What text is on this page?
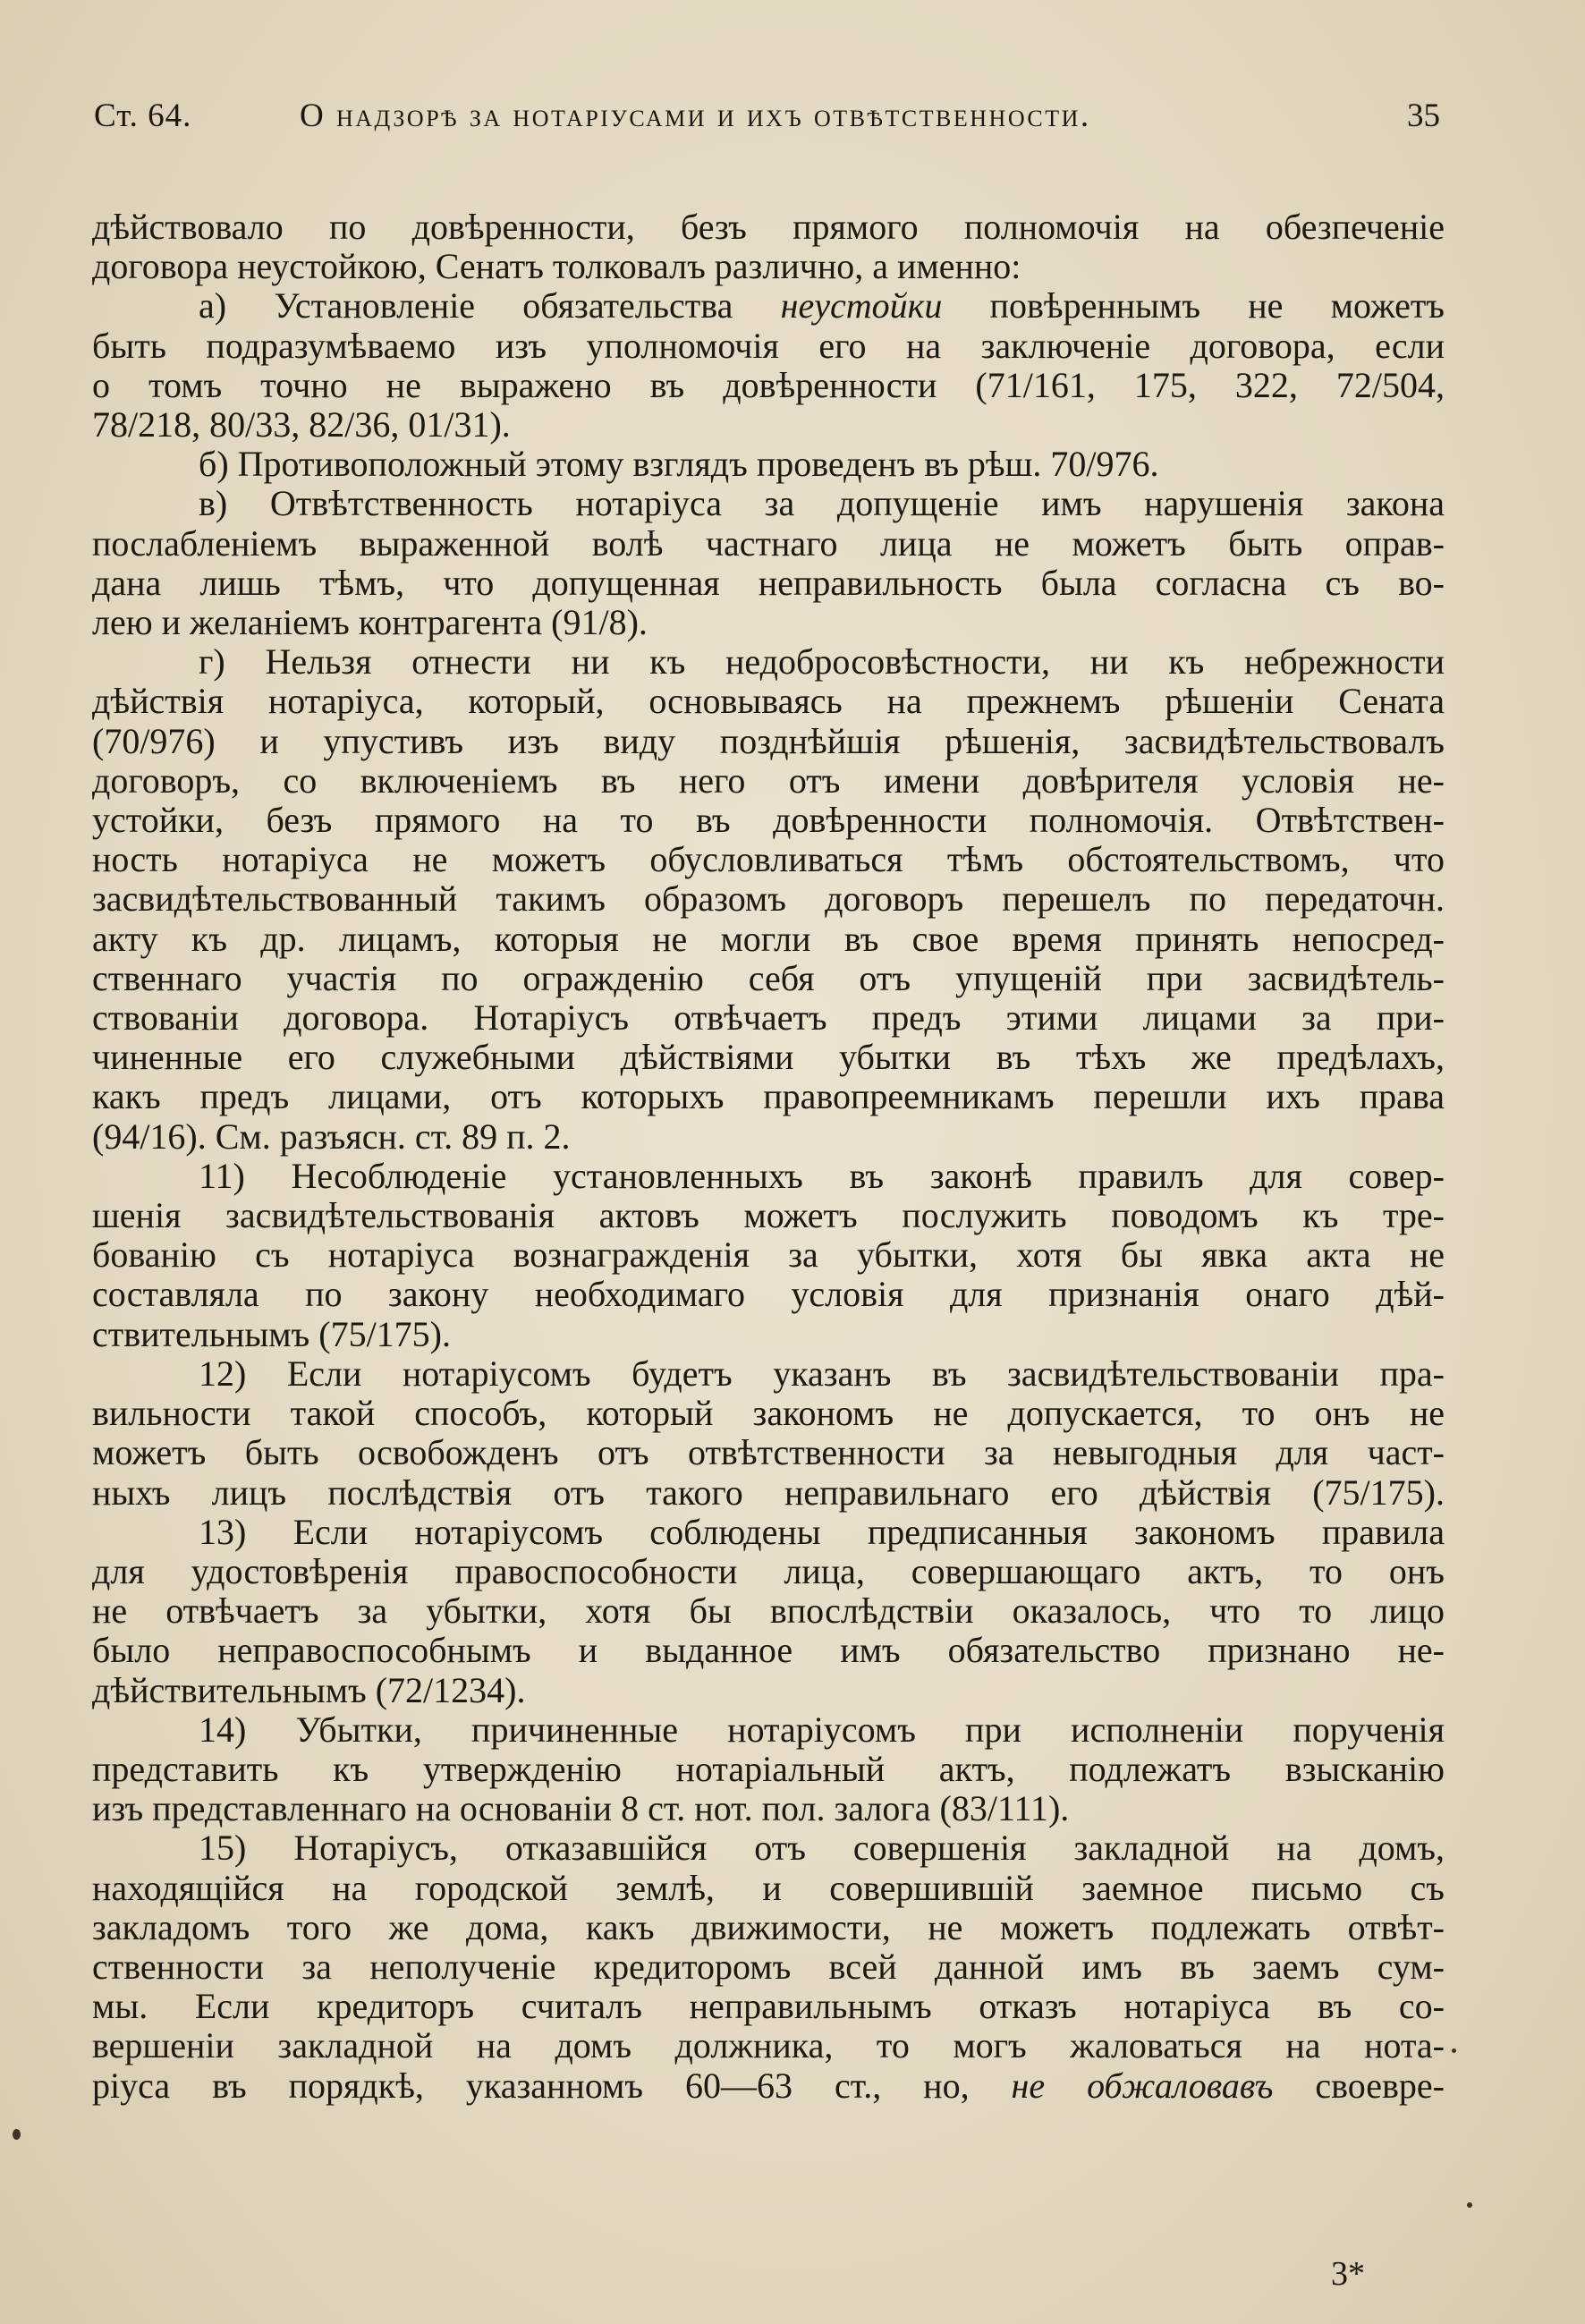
Ст. 64.	О надзорѣ за нотаріусами и ихъ отвѣтственности.	35

дѣйствовало по довѣренности, безъ прямого полномочія на обезпеченіе

договора неустойкою, Сенатъ толковалъ различно, а именно:

а) Установленіе обязательства неустойки повѣреннымъ не можетъ

быть подразумѣваемо изъ уполномочія его на заключеніе договора, если

о томъ точно не выражено въ довѣренности (71/161, 175, 322, 72/504,

78/218, 80/33, 82/36, 01/31).

б) Противоположный этому взглядъ проведенъ въ рѣш. 70/976.

в) Отвѣтственность нотаріуса за допущеніе имъ нарушенія закона

послабленіемъ выраженной волѣ частнаго лица не можетъ быть оправ-

дана лишь тѣмъ, что допущенная неправильность была согласна съ во-

лею и желаніемъ контрагента (91/8).

г) Нельзя отнести ни къ недобросовѣстности, ни къ небрежности

дѣйствія нотаріуса, который, основываясь на прежнемъ рѣшеніи Сената

(70/976) и упустивъ изъ виду позднѣйшія рѣшенія, засвидѣтельствовалъ

договоръ, со включеніемъ въ него отъ имени довѣрителя условія не-

устойки, безъ прямого на то въ довѣренности полномочія. Отвѣтствен-

ность нотаріуса не можетъ обусловливаться тѣмъ обстоятельствомъ, что

засвидѣтельствованный такимъ образомъ договоръ перешелъ по передаточн.

акту къ др. лицамъ, которыя не могли въ свое время принять непосред-

ственнаго участія по огражденію себя отъ упущеній при засвидѣтель-

ствованіи договора. Нотаріусъ отвѣчаетъ предъ этими лицами за при-

чиненные его служебными дѣйствіями убытки въ тѣхъ же предѣлахъ,

какъ предъ лицами, отъ которыхъ правопреемникамъ перешли ихъ права

(94/16). См. разъясн. ст. 89 п. 2.

11) Несоблюденіе установленныхъ въ законѣ правилъ для совер-

шенія засвидѣтельствованія актовъ можетъ послужить поводомъ къ тре-

бованію съ нотаріуса вознагражденія за убытки, хотя бы явка акта не

составляла по закону необходимаго условія для признанія онаго дѣй-

ствительнымъ (75/175).

12) Если нотаріусомъ будетъ указанъ въ засвидѣтельствованіи пра-

вильности такой способъ, который закономъ не допускается, то онъ не

можетъ быть освобожденъ отъ отвѣтственности за невыгодныя для част-

ныхъ лицъ послѣдствія отъ такого неправильнаго его дѣйствія (75/175).

13) Если нотаріусомъ соблюдены предписанныя закономъ правила

для удостовѣренія правоспособности лица, совершающаго актъ, то онъ

не отвѣчаетъ за убытки, хотя бы впослѣдствіи оказалось, что то лицо

было неправоспособнымъ и выданное имъ обязательство признано не-

дѣйствительнымъ (72/1234).

14) Убытки, причиненные нотаріусомъ при исполненіи порученія

представить къ утвержденію нотаріальный актъ, подлежатъ взысканію

изъ представленнаго на основаніи 8 ст. нот. пол. залога (83/111).

15) Нотаріусъ, отказавшійся отъ совершенія закладной на домъ,

находящійся на городской землѣ, и совершившій заемное письмо съ

закладомъ того же дома, какъ движимости, не можетъ подлежать отвѣт-

ственности за неполученіе кредиторомъ всей данной имъ въ заемъ сум-

мы. Если кредиторъ считалъ неправильнымъ отказъ нотаріуса въ со-

вершеніи закладной на домъ должника, то могъ жаловаться на нота-

ріуса въ порядкѣ, указанномъ 60—63 ст., но, не обжаловавъ своевре-

3*
